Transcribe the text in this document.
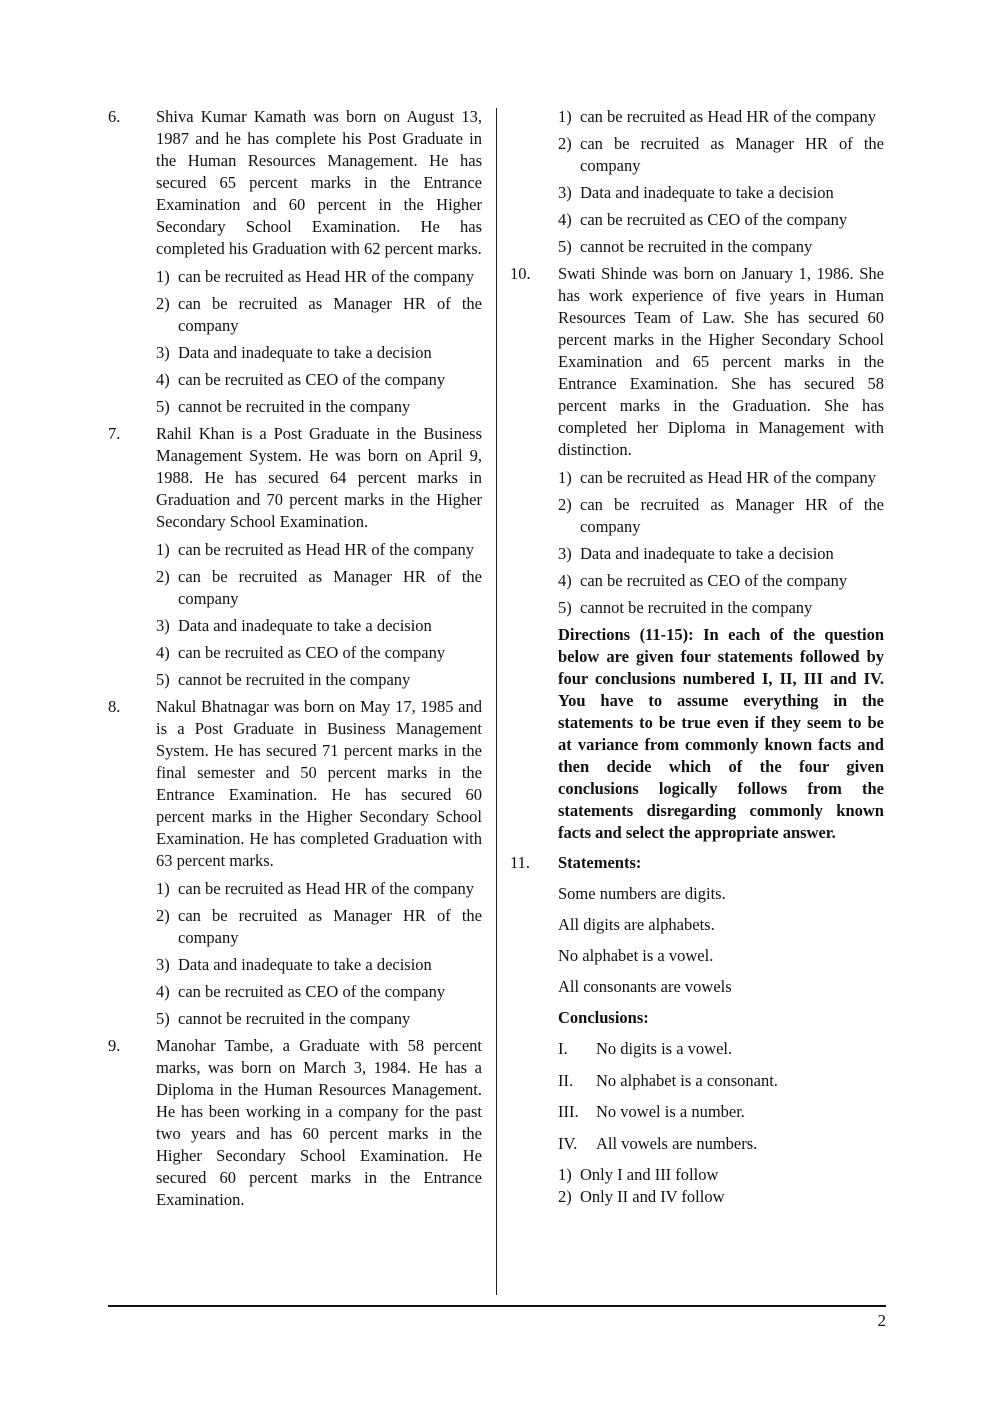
6.	Shiva Kumar Kamath was born on August 13, 1987 and he has complete his Post Graduate in the Human Resources Management. He has secured 65 percent marks in the Entrance Examination and 60 percent in the Higher Secondary School Examination. He has completed his Graduation with 62 percent marks.
1) can be recruited as Head HR of the company
2) can be recruited as Manager HR of the company
3) Data and inadequate to take a decision
4) can be recruited as CEO of the company
5) cannot be recruited in the company
7.	Rahil Khan is a Post Graduate in the Business Management System. He was born on April 9, 1988. He has secured 64 percent marks in Graduation and 70 percent marks in the Higher Secondary School Examination.
1) can be recruited as Head HR of the company
2) can be recruited as Manager HR of the company
3) Data and inadequate to take a decision
4) can be recruited as CEO of the company
5) cannot be recruited in the company
8.	Nakul Bhatnagar was born on May 17, 1985 and is a Post Graduate in Business Management System. He has secured 71 percent marks in the final semester and 50 percent marks in the Entrance Examination. He has secured 60 percent marks in the Higher Secondary School Examination. He has completed Graduation with 63 percent marks.
1) can be recruited as Head HR of the company
2) can be recruited as Manager HR of the company
3) Data and inadequate to take a decision
4) can be recruited as CEO of the company
5) cannot be recruited in the company
9.	Manohar Tambe, a Graduate with 58 percent marks, was born on March 3, 1984. He has a Diploma in the Human Resources Management. He has been working in a company for the past two years and has 60 percent marks in the Higher Secondary School Examination. He secured 60 percent marks in the Entrance Examination.
1) can be recruited as Head HR of the company
2) can be recruited as Manager HR of the company
3) Data and inadequate to take a decision
4) can be recruited as CEO of the company
5) cannot be recruited in the company
10.	Swati Shinde was born on January 1, 1986. She has work experience of five years in Human Resources Team of Law. She has secured 60 percent marks in the Higher Secondary School Examination and 65 percent marks in the Entrance Examination. She has secured 58 percent marks in the Graduation. She has completed her Diploma in Management with distinction.
1) can be recruited as Head HR of the company
2) can be recruited as Manager HR of the company
3) Data and inadequate to take a decision
4) can be recruited as CEO of the company
5) cannot be recruited in the company
Directions (11-15): In each of the question below are given four statements followed by four conclusions numbered I, II, III and IV. You have to assume everything in the statements to be true even if they seem to be at variance from commonly known facts and then decide which of the four given conclusions logically follows from the statements disregarding commonly known facts and select the appropriate answer.
11.	Statements:
Some numbers are digits.
All digits are alphabets.
No alphabet is a vowel.
All consonants are vowels
Conclusions:
I.	No digits is a vowel.
II.	No alphabet is a consonant.
III.	No vowel is a number.
IV.	All vowels are numbers.
1) Only I and III follow
2) Only II and IV follow
2
